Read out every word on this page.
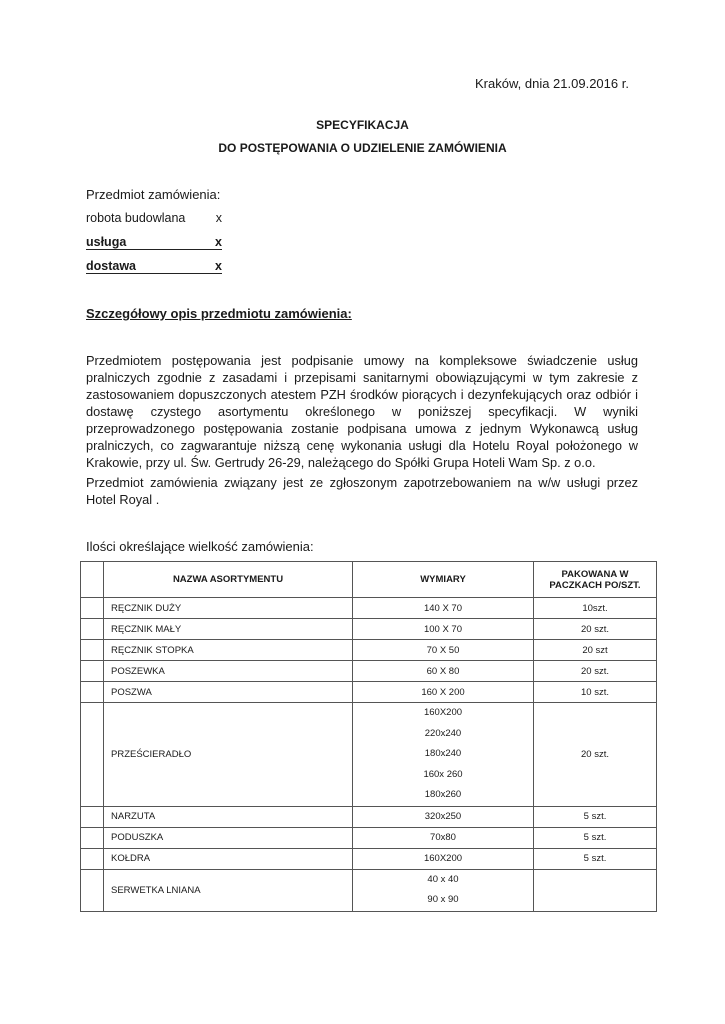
Kraków, dnia 21.09.2016 r.
SPECYFIKACJA
DO POSTĘPOWANIA O UDZIELENIE ZAMÓWIENIA
Przedmiot zamówienia:
robota budowlana x
usługa	x
dostawa	x
Szczegółowy opis przedmiotu zamówienia:
Przedmiotem postępowania jest podpisanie umowy na kompleksowe świadczenie usług pralniczych zgodnie z zasadami i przepisami sanitarnymi obowiązującymi w tym zakresie z zastosowaniem dopuszczonych atestem PZH środków piorących i dezynfekujących oraz odbiór i dostawę czystego asortymentu określonego w poniższej specyfikacji. W wyniki przeprowadzonego postępowania zostanie podpisana umowa z jednym Wykonawcą usług pralniczych, co zagwarantuje niższą cenę wykonania usługi dla Hotelu Royal położonego w Krakowie, przy ul. Św. Gertrudy 26-29, należącego do Spółki Grupa Hoteli Wam Sp. z o.o.
Przedmiot zamówienia związany jest ze zgłoszonym zapotrzebowaniem na w/w usługi przez Hotel Royal .
Ilości określające wielkość zamówienia:
	NAZWA ASORTYMENTU	WYMIARY	PAKOWANA W PACZKACH PO/SZT.
	RĘCZNIK DUŻY	140 X 70	10szt.
	RĘCZNIK MAŁY	100 X 70	20 szt.
	RĘCZNIK STOPKA	70 X 50	20 szt
	POSZEWKA	60 X 80	20 szt.
	POSZWA	160 X 200	10 szt.
	PRZEŚCIERADŁO	160X200
220x240
180x240
160x 260
180x260	20 szt.
	NARZUTA	320x250	5 szt.
	PODUSZKA	70x80	5 szt.
	KOŁDRA	160X200	5 szt.
	SERWETKA LNIANA	40 x 40
90 x 90	
